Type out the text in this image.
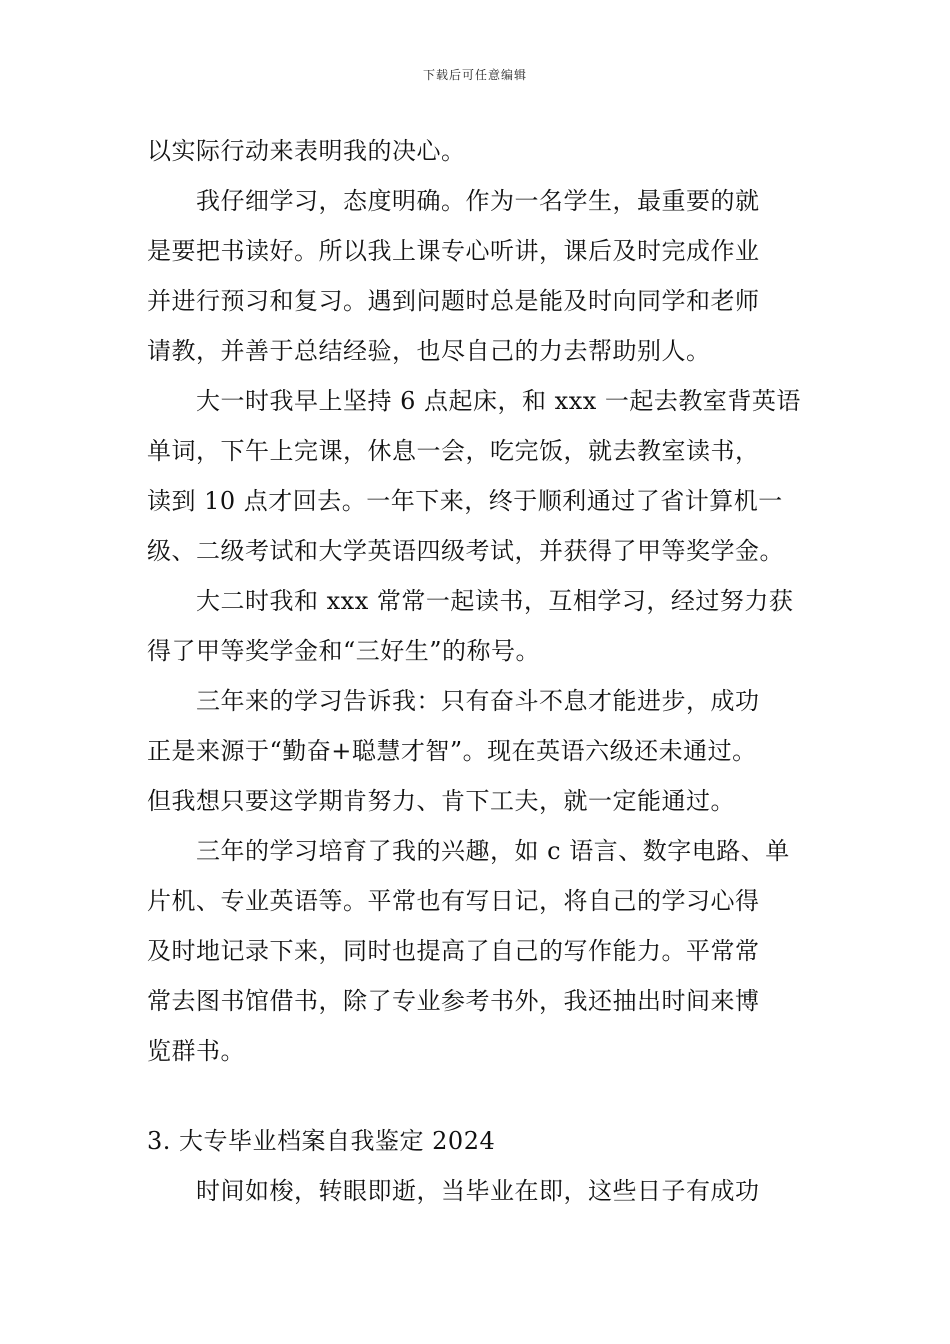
下载后可任意编辑
以实际行动来表明我的决心。
我仔细学习，态度明确。作为一名学生，最重要的就
是要把书读好。所以我上课专心听讲，课后及时完成作业
并进行预习和复习。遇到问题时总是能及时向同学和老师
请教，并善于总结经验，也尽自己的力去帮助别人。
大一时我早上坚持 6 点起床，和 xxx 一起去教室背英语
单词，下午上完课，休息一会，吃完饭，就去教室读书，
读到 10 点才回去。一年下来，终于顺利通过了省计算机一
级、二级考试和大学英语四级考试，并获得了甲等奖学金。
大二时我和 xxx 常常一起读书，互相学习，经过努力获
得了甲等奖学金和“三好生”的称号。
三年来的学习告诉我：只有奋斗不息才能进步，成功
正是来源于“勤奋+聪慧才智”。现在英语六级还未通过。
但我想只要这学期肯努力、肯下工夫，就一定能通过。
三年的学习培育了我的兴趣，如 c 语言、数字电路、单
片机、专业英语等。平常也有写日记，将自己的学习心得
及时地记录下来，同时也提高了自己的写作能力。平常常
常去图书馆借书，除了专业参考书外，我还抽出时间来博
览群书。
3. 大专毕业档案自我鉴定 2024
时间如梭，转眼即逝，当毕业在即，这些日子有成功
